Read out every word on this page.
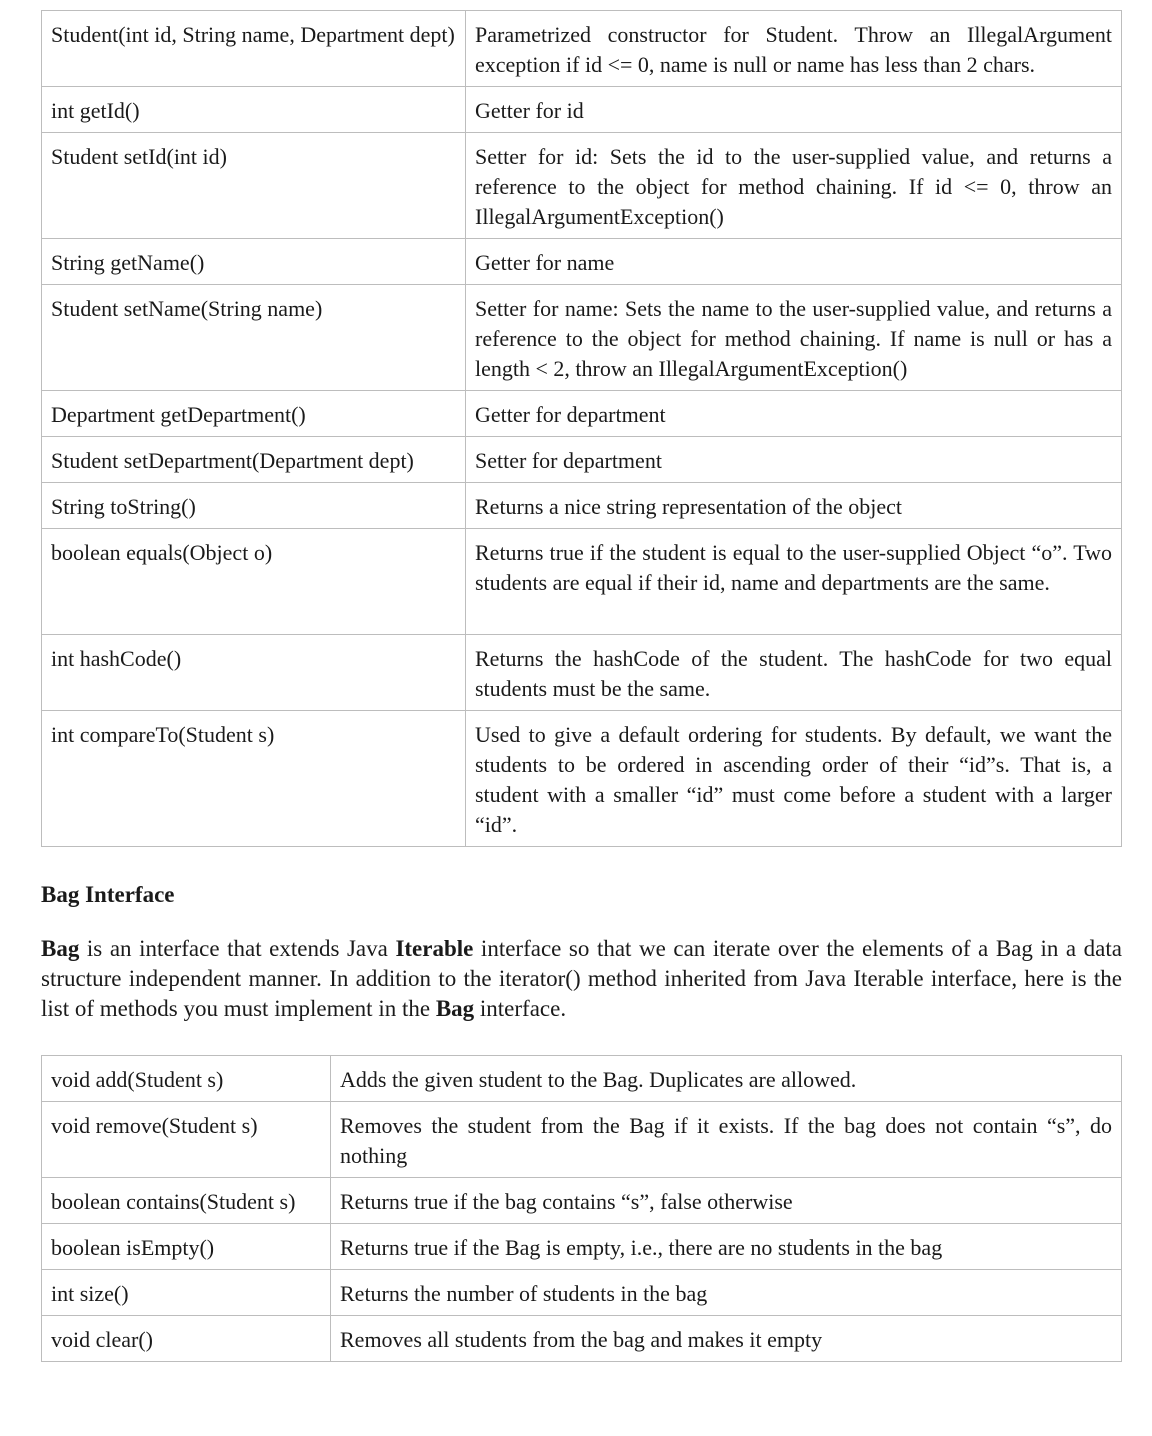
Student(int id, String name, Department dept)	Parametrized constructor for Student. Throw an IllegalArgument exception if id <= 0, name is null or name has less than 2 chars.
int getId()	Getter for id
Student setId(int id)	Setter for id: Sets the id to the user-supplied value, and returns a reference to the object for method chaining. If id <= 0, throw an IllegalArgumentException()
String getName()	Getter for name
Student setName(String name)	Setter for name: Sets the name to the user-supplied value, and returns a reference to the object for method chaining. If name is null or has a length < 2, throw an IllegalArgumentException()
Department getDepartment()	Getter for department
Student setDepartment(Department dept)	Setter for department
String toString()	Returns a nice string representation of the object
boolean equals(Object o)	Returns true if the student is equal to the user-supplied Object “o”. Two students are equal if their id, name and departments are the same.
int hashCode()	Returns the hashCode of the student. The hashCode for two equal students must be the same.
int compareTo(Student s)	Used to give a default ordering for students. By default, we want the students to be ordered in ascending order of their “id”s. That is, a student with a smaller “id” must come before a student with a larger “id”.
Bag Interface

Bag is an interface that extends Java Iterable interface so that we can iterate over the elements of a Bag in a data structure independent manner. In addition to the iterator() method inherited from Java Iterable interface, here is the list of methods you must implement in the Bag interface.

void add(Student s)	Adds the given student to the Bag. Duplicates are allowed.
void remove(Student s)	Removes the student from the Bag if it exists. If the bag does not contain “s”, do nothing
boolean contains(Student s)	Returns true if the bag contains “s”, false otherwise
boolean isEmpty()	Returns true if the Bag is empty, i.e., there are no students in the bag
int size()	Returns the number of students in the bag
void clear()	Removes all students from the bag and makes it empty
